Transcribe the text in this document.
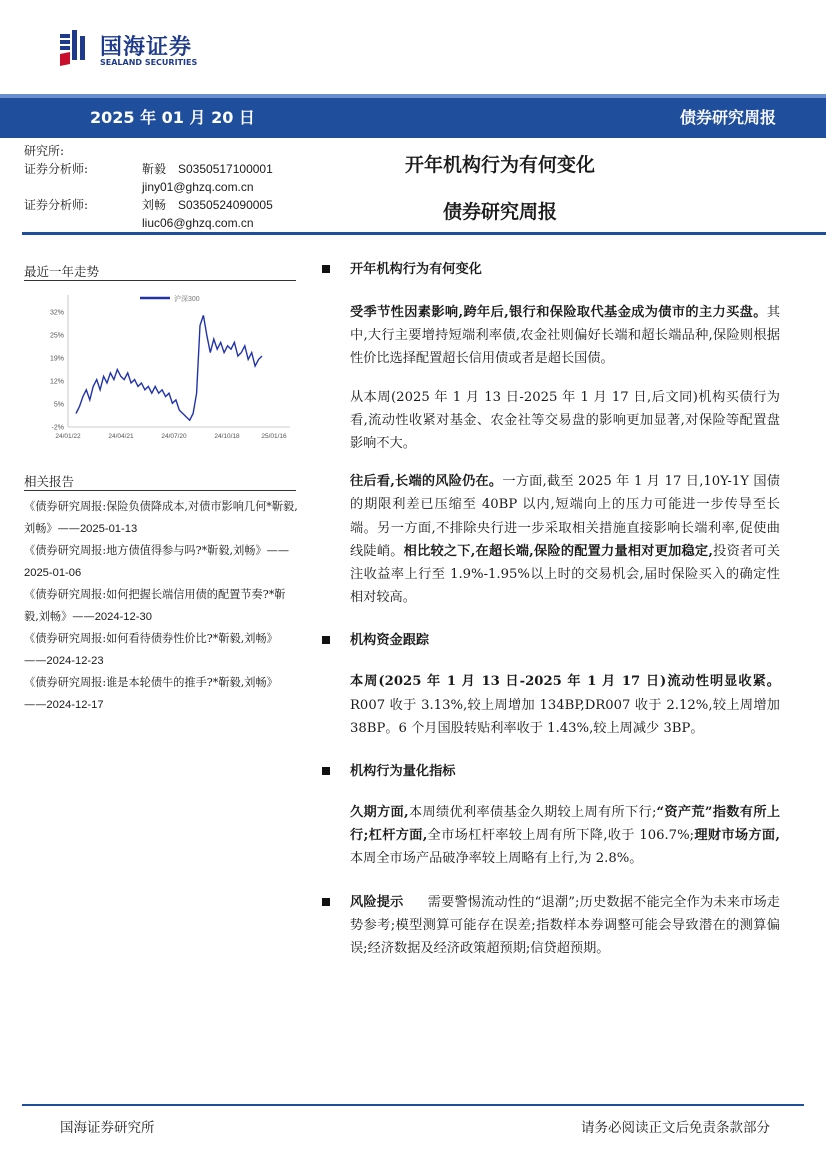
国海证券
SEALAND SECURITIES
2025 年 01 月 20 日	债券研究周报
研究所:
证券分析师:	靳毅 S0350517100001
jiny01@ghzq.com.cn
证券分析师:	刘畅 S0350524090005
liuc06@ghzq.com.cn
开年机构行为有何变化
债券研究周报
最近一年走势
32%
25%
19%
12%
5%
-2%
24/01/22	24/04/21	24/07/20	24/10/18	25/01/16
沪深300
相关报告
《债券研究周报:保险负债降成本,对债市影响几何*靳毅,刘畅》——2025-01-13
《债券研究周报:地方债值得参与吗?*靳毅,刘畅》——2025-01-06
《债券研究周报:如何把握长端信用债的配置节奏?*靳毅,刘畅》——2024-12-30
《债券研究周报:如何看待债券性价比?*靳毅,刘畅》——2024-12-23
《债券研究周报:谁是本轮债牛的推手?*靳毅,刘畅》——2024-12-17
开年机构行为有何变化

受季节性因素影响,跨年后,银行和保险取代基金成为债市的主力买盘。其中,大行主要增持短端利率债,农金社则偏好长端和超长端品种,保险则根据性价比选择配置超长信用债或者是超长国债。

从本周(2025 年 1 月 13 日-2025 年 1 月 17 日,后文同)机构买债行为看,流动性收紧对基金、农金社等交易盘的影响更加显著,对保险等配置盘影响不大。

往后看,长端的风险仍在。一方面,截至 2025 年 1 月 17 日,10Y-1Y 国债的期限利差已压缩至 40BP 以内,短端向上的压力可能进一步传导至长端。另一方面,不排除央行进一步采取相关措施直接影响长端利率,促使曲线陡峭。相比较之下,在超长端,保险的配置力量相对更加稳定,投资者可关注收益率上行至 1.9%-1.95%以上时的交易机会,届时保险买入的确定性相对较高。

机构资金跟踪

本周(2025 年 1 月 13 日-2025 年 1 月 17 日)流动性明显收紧。R007 收于 3.13%,较上周增加 134BP,DR007 收于 2.12%,较上周增加 38BP。6 个月国股转贴利率收于 1.43%,较上周减少 3BP。

机构行为量化指标

久期方面,本周绩优利率债基金久期较上周有所下行;“资产荒”指数有所上行;杠杆方面,全市场杠杆率较上周有所下降,收于 106.7%;理财市场方面,本周全市场产品破净率较上周略有上行,为 2.8%。

风险提示 需要警惕流动性的“退潮”;历史数据不能完全作为未来市场走势参考;模型测算可能存在误差;指数样本券调整可能会导致潜在的测算偏误;经济数据及经济政策超预期;信贷超预期。

国海证券研究所	请务必阅读正文后免责条款部分
